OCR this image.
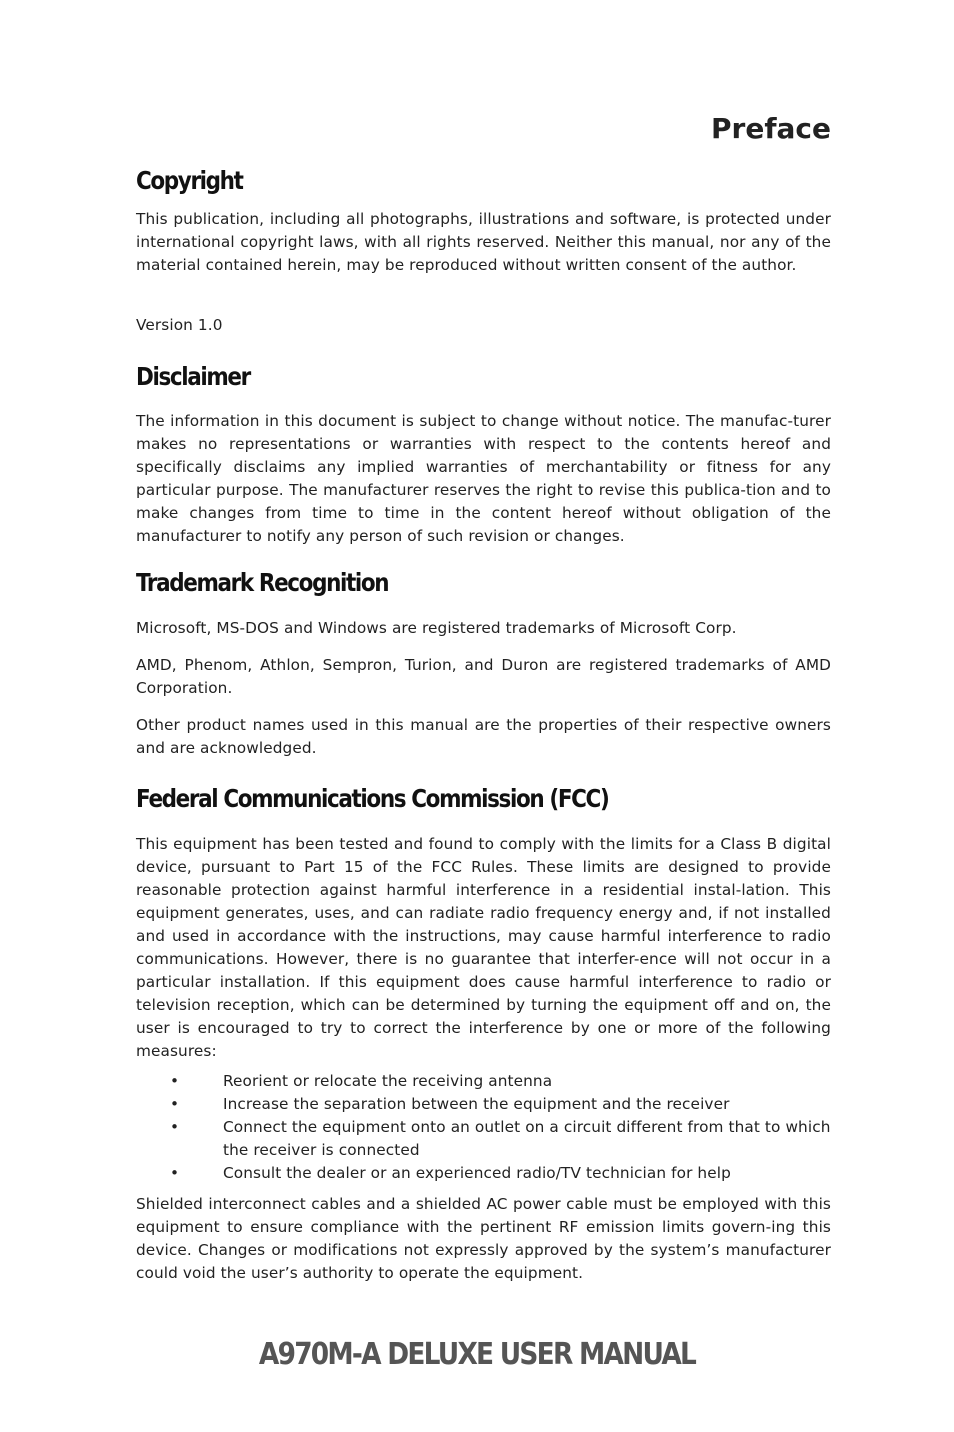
Preface
Copyright

This publication, including all photographs, illustrations and software, is protected under international copyright laws, with all rights reserved. Neither this manual, nor any of the material contained herein, may be reproduced without written consent of the author.

Version 1.0

Disclaimer

The information in this document is subject to change without notice. The manufac-turer makes no representations or warranties with respect to the contents hereof and specifically disclaims any implied warranties of merchantability or fitness for any particular purpose. The manufacturer reserves the right to revise this publica-tion and to make changes from time to time in the content hereof without obligation of the manufacturer to notify any person of such revision or changes.

Trademark Recognition

Microsoft, MS-DOS and Windows are registered trademarks of Microsoft Corp.

AMD, Phenom, Athlon, Sempron, Turion, and Duron are registered trademarks of AMD Corporation.

Other product names used in this manual are the properties of their respective owners and are acknowledged.

Federal Communications Commission (FCC)

This equipment has been tested and found to comply with the limits for a Class B digital device, pursuant to Part 15 of the FCC Rules. These limits are designed to provide reasonable protection against harmful interference in a residential instal-lation. This equipment generates, uses, and can radiate radio frequency energy and, if not installed and used in accordance with the instructions, may cause harmful interference to radio communications. However, there is no guarantee that interfer-ence will not occur in a particular installation. If this equipment does cause harmful interference to radio or television reception, which can be determined by turning the equipment off and on, the user is encouraged to try to correct the interference by one or more of the following measures:

• Reorient or relocate the receiving antenna
• Increase the separation between the equipment and the receiver
• Connect the equipment onto an outlet on a circuit different from that to which the receiver is connected
• Consult the dealer or an experienced radio/TV technician for help

Shielded interconnect cables and a shielded AC power cable must be employed with this equipment to ensure compliance with the pertinent RF emission limits govern-ing this device. Changes or modifications not expressly approved by the system’s manufacturer could void the user’s authority to operate the equipment.

A970M-A DELUXE USER MANUAL
